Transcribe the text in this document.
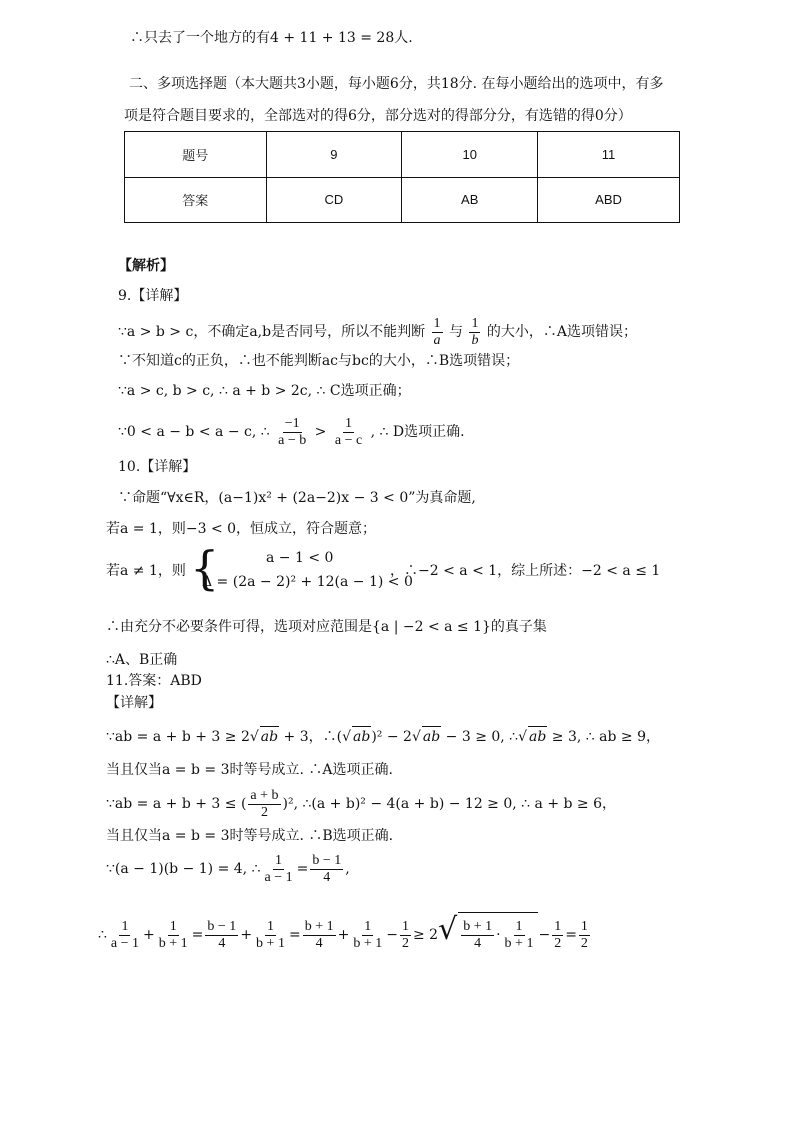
∴只去了一个地方的有4 + 11 + 13 = 28人.
二、多项选择题（本大题共3小题，每小题6分，共18分. 在每小题给出的选项中，有多
项是符合题目要求的，全部选对的得6分，部分选对的得部分分，有选错的得0分）
题号	9	10	11
答案	CD	AB	ABD
【解析】
9.【详解】
∵a > b > c，不确定a,b是否同号，所以不能判断 $\frac{1}{a}$ 与 $\frac{1}{b}$ 的大小，∴A选项错误；
∵不知道c的正负，∴也不能判断ac与bc的大小，∴B选项错误；
∵a > c, b > c, ∴ a + b > 2c, ∴ C选项正确；
∵0 < a − b < a − c, ∴ $\frac{-1}{a - b} > \frac{1}{a - c}$ , ∴ D选项正确.
10.【详解】
∵命题“∀x∈R，(a−1)x² + (2a−2)x − 3 < 0”为真命题,
若a = 1，则−3 < 0，恒成立，符合题意；
若a ≠ 1，则 {	a − 1 < 0
Δ = (2a − 2)² + 12(a − 1) < 0
，∴−2 < a < 1，综上所述：−2 < a ≤ 1
∴由充分不必要条件可得，选项对应范围是{a | −2 < a ≤ 1}的真子集
∴A、B正确
11.答案：ABD
【详解】
∵ab = a + b + 3 ≥ 2√ ab + 3，∴(√ ab)² − 2√ ab − 3 ≥ 0, ∴√ ab ≥ 3, ∴ ab ≥ 9，
当且仅当a = b = 3时等号成立. ∴A选项正确.
∵ab = a + b + 3 ≤ ( $\frac{a + b}{2} )^2$, ∴(a + b)² − 4(a + b) − 12 ≥ 0, ∴ a + b ≥ 6，
当且仅当a = b = 3时等号成立. ∴B选项正确.
∵(a − 1)(b − 1) = 4, ∴ $\frac{1}{a - 1} = \frac{b - 1}{4}$ ,
∴ $\frac{1}{a - 1} + \frac{1}{b + 1} = \frac{b - 1}{4} + \frac{1}{b + 1} = \frac{b + 1}{4} + \frac{1}{b + 1} - \frac{1}{2} \ge 2√ \frac{b + 1}{4} \cdot \frac{1}{b + 1} - \frac{1}{2} = \frac{1}{2}$
